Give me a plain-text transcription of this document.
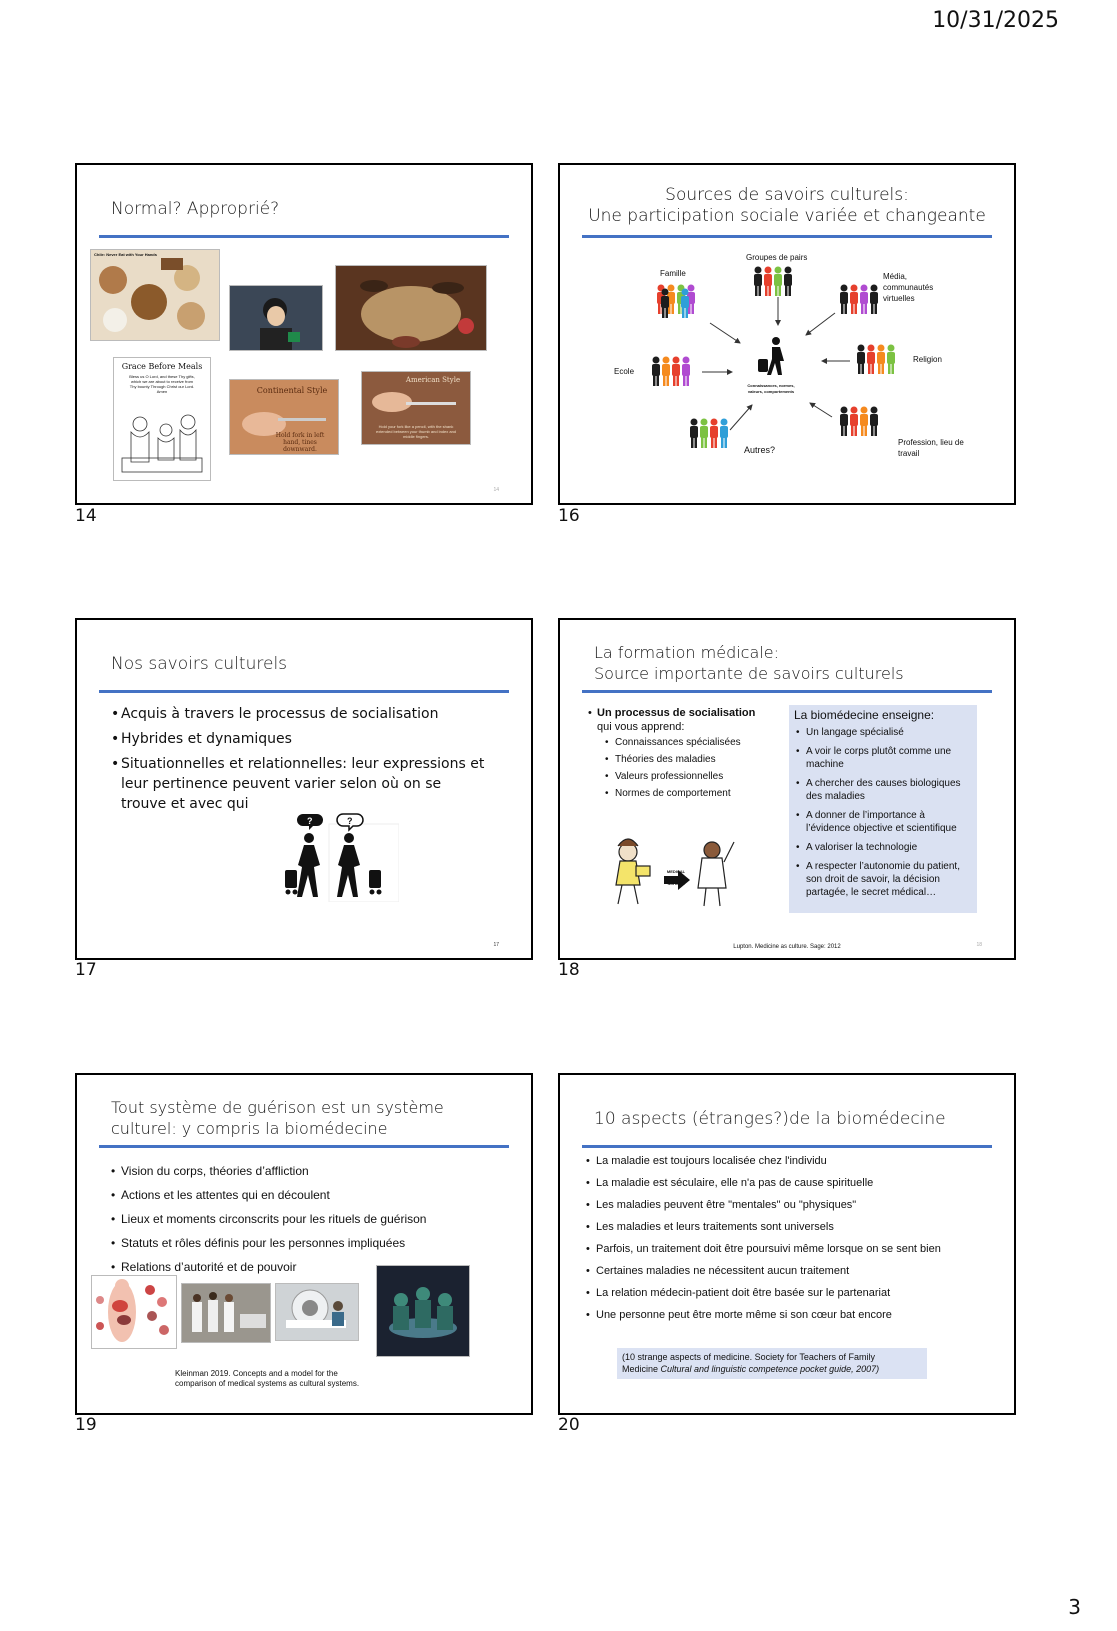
10/31/2025
Normal? Approprié?
Chile: Never Eat with Your Hands
Grace Before Meals
Bless us O Lord, and these Thy gifts, which we are about to receive from Thy bounty Through Christ our Lord. Amen	Continental Style
Hold fork in left hand, tines downward.
American Style
Hold your fork like a pencil, with the shank extended between your thumb and index and middle fingers.
14
14
Sources de savoirs culturels:
Une participation sociale variée et changeante
Famille
Groupes de pairs
Média, communautés virtuelles
Ecole
Religion
Autres?
Profession, lieu de travail
Connaissances, normes, valeurs, comportements
16
Nos savoirs culturels
• Acquis à travers le processus de socialisation
• Hybrides et dynamiques
• Situationnelles et relationnelles: leur expressions et leur pertinence peuvent varier selon où on se trouve et avec qui
?	?
17
17
La formation médicale:
Source importante de savoirs culturels
• Un processus de socialisation
qui vous apprend:
• Connaissances spécialisées
• Théories des maladies
• Valeurs professionnelles
• Normes de comportement
MEDICAL SCHOOL
La biomédecine enseigne:
• Un langage spécialisé
• A voir le corps plutôt comme une machine
• A chercher des causes biologiques des maladies
• A donner de l’importance à l’évidence objective et scientifique
• A valoriser la technologie
• A respecter l’autonomie du patient, son droit de savoir, la décision partagée, le secret médical…
Lupton. Medicine as culture. Sage: 2012	18
18
Tout système de guérison est un système
culturel: y compris la biomédecine
• Vision du corps, théories d’affliction
• Actions et les attentes qui en découlent
• Lieux et moments circonscrits pour les rituels de guérison
• Statuts et rôles définis pour les personnes impliquées
• Relations d’autorité et de pouvoir
Kleinman 2019. Concepts and a model for the
comparison of medical systems as cultural systems.
19
10 aspects (étranges?)de la biomédecine
• La maladie est toujours localisée chez l'individu
• La maladie est séculaire, elle n'a pas de cause spirituelle
• Les maladies peuvent être "mentales" ou "physiques"
• Les maladies et leurs traitements sont universels
• Parfois, un traitement doit être poursuivi même lorsque on se sent bien
• Certaines maladies ne nécessitent aucun traitement
• La relation médecin-patient doit être basée sur le partenariat
• Une personne peut être morte même si son cœur bat encore
(10 strange aspects of medicine. Society for Teachers of Family
Medicine Cultural and linguistic competence pocket guide, 2007)
20
3
